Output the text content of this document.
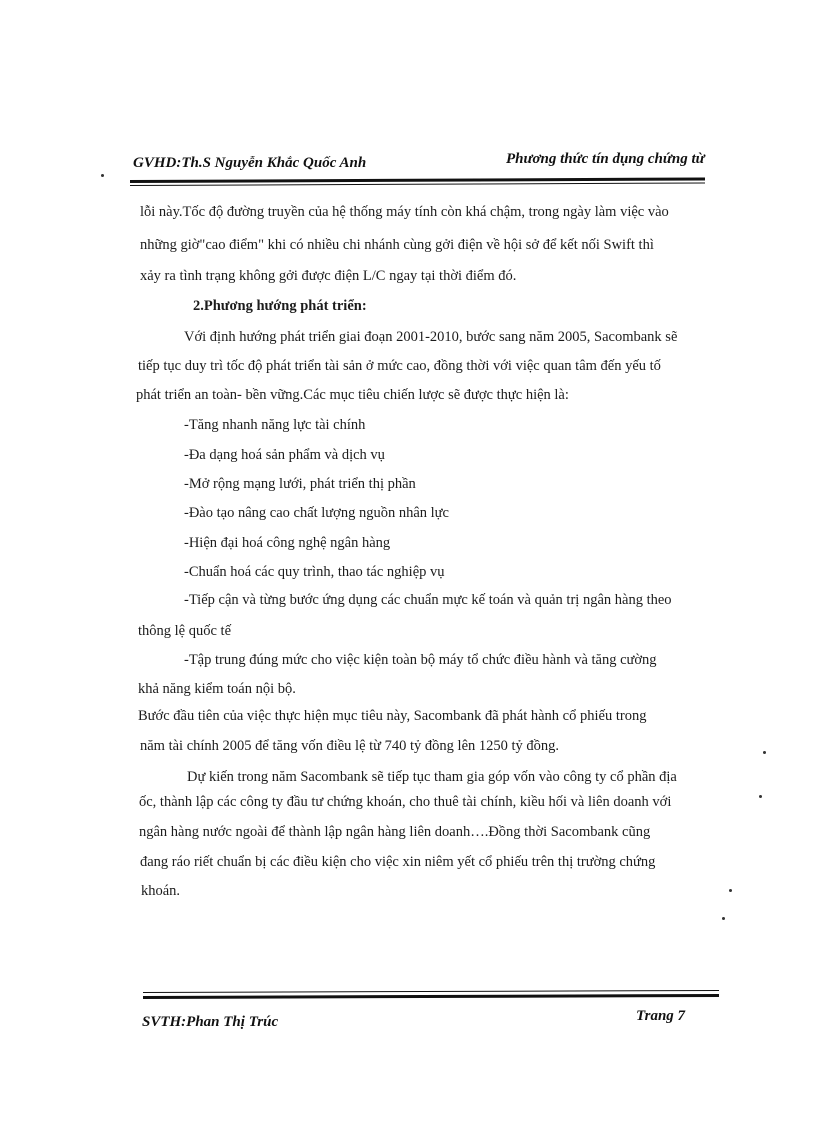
GVHD:Th.S Nguyễn Khắc Quốc Anh	Phương thức tín dụng chứng từ
lỗi này.Tốc độ đường truyền của hệ thống máy tính còn khá chậm, trong ngày làm việc vào
những giờ"cao điểm" khi có nhiều chi nhánh cùng gởi điện về hội sở để kết nối Swift thì
xảy ra tình trạng không gởi được điện L/C ngay tại thời điểm đó.
2.Phương hướng phát triển:
Với định hướng phát triển giai đoạn 2001-2010, bước sang năm 2005, Sacombank sẽ
tiếp tục duy trì tốc độ phát triển tài sản ở mức cao, đồng thời với việc quan tâm đến yếu tố
phát triển an toàn- bền vững.Các mục tiêu chiến lược sẽ được thực hiện là:
-Tăng nhanh năng lực tài chính
-Đa dạng hoá sản phẩm và dịch vụ
-Mở rộng mạng lưới, phát triển thị phần
-Đào tạo nâng cao chất lượng nguồn nhân lực
-Hiện đại hoá công nghệ ngân hàng
-Chuẩn hoá các quy trình, thao tác nghiệp vụ
-Tiếp cận và từng bước ứng dụng các chuẩn mực kế toán và quản trị ngân hàng theo
thông lệ quốc tế
-Tập trung đúng mức cho việc kiện toàn bộ máy tổ chức điều hành và tăng cường
khả năng kiểm toán nội bộ.
Bước đầu tiên của việc thực hiện mục tiêu này, Sacombank đã phát hành cổ phiếu trong
năm tài chính 2005 để tăng vốn điều lệ từ 740 tỷ đồng lên 1250 tỷ đồng.
Dự kiến trong năm Sacombank sẽ tiếp tục tham gia góp vốn vào công ty cổ phần địa
ốc, thành lập các công ty đầu tư chứng khoán, cho thuê tài chính, kiều hối và liên doanh với
ngân hàng nước ngoài để thành lập ngân hàng liên doanh….Đồng thời Sacombank cũng
đang ráo riết chuẩn bị các điều kiện cho việc xin niêm yết cổ phiếu trên thị trường chứng
khoán.
SVTH:Phan Thị Trúc	Trang 7
